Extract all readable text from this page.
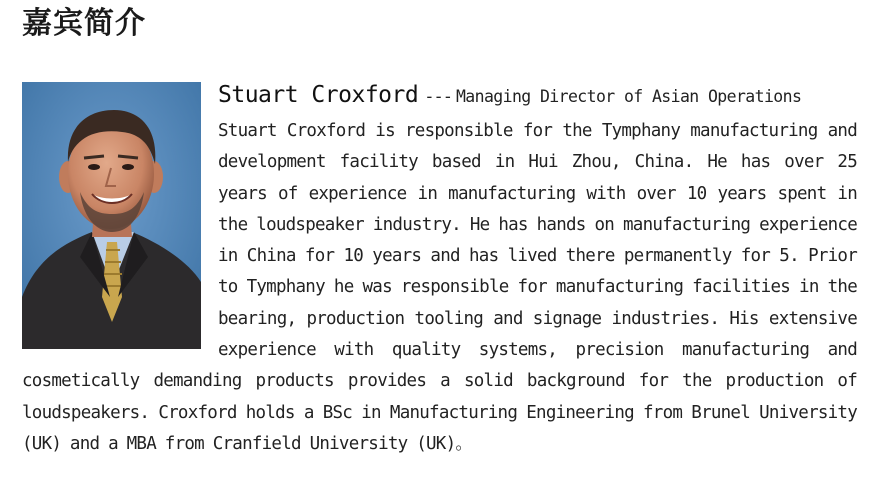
嘉宾简介

Stuart Croxford --- Managing Director of Asian Operations

Stuart Croxford is responsible for the Tymphany manufacturing and development facility based in Hui Zhou, China. He has over 25 years of experience in manufacturing with over 10 years spent in the loudspeaker industry. He has hands on manufacturing experience in China for 10 years and has lived there permanently for 5. Prior to Tymphany he was responsible for manufacturing facilities in the bearing, production tooling and signage industries. His extensive experience with quality systems, precision manufacturing and cosmetically demanding products provides a solid background for the production of loudspeakers. Croxford holds a BSc in Manufacturing Engineering from Brunel University (UK) and a MBA from Cranfield University (UK)。
